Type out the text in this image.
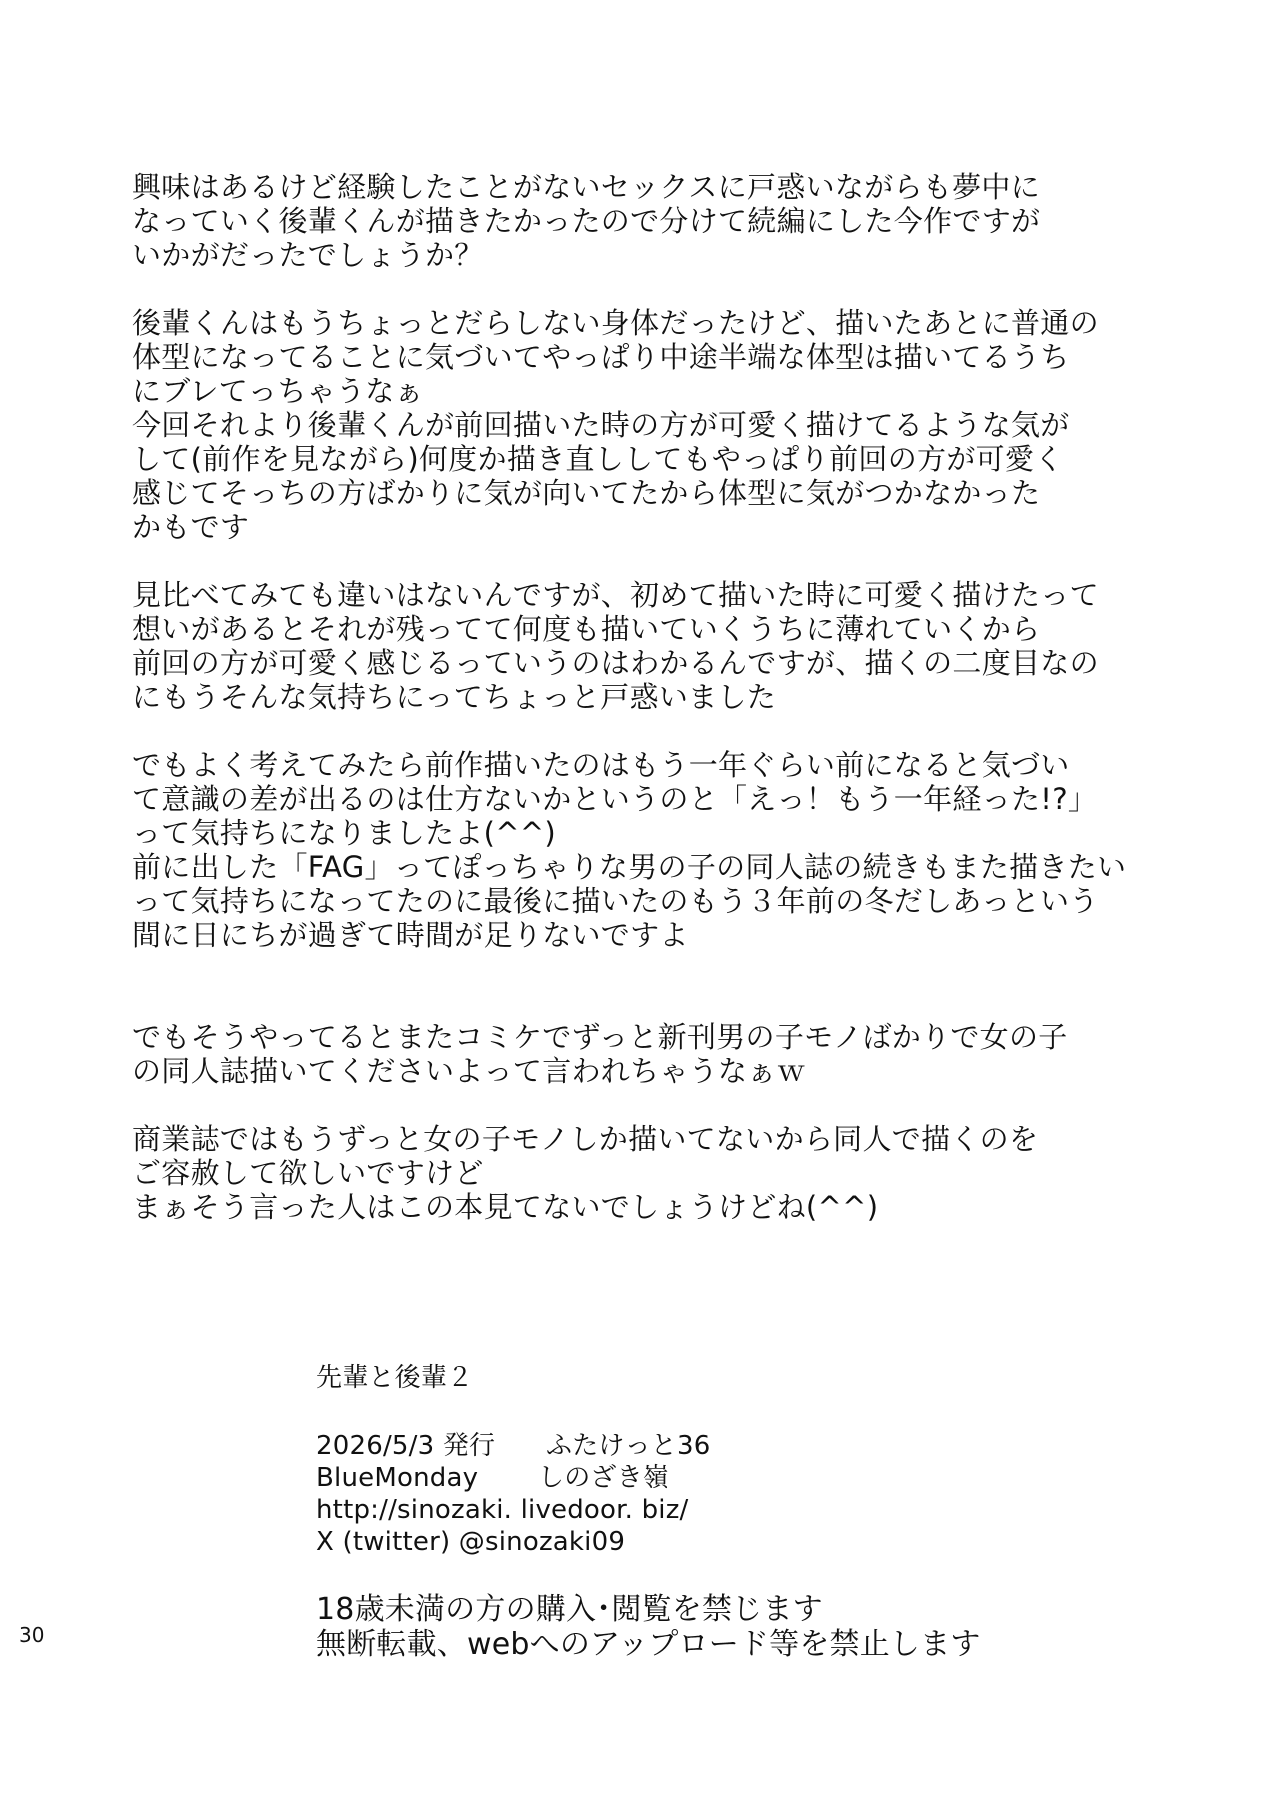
興味はあるけど経験したことがないセックスに戸惑いながらも夢中に
なっていく後輩くんが描きたかったので分けて続編にした今作ですが
いかがだったでしょうか？
後輩くんはもうちょっとだらしない身体だったけど、描いたあとに普通の
体型になってることに気づいてやっぱり中途半端な体型は描いてるうち
にブレてっちゃうなぁ
今回それより後輩くんが前回描いた時の方が可愛く描けてるような気が
して(前作を見ながら)何度か描き直ししてもやっぱり前回の方が可愛く
感じてそっちの方ばかりに気が向いてたから体型に気がつかなかった
かもです
見比べてみても違いはないんですが、初めて描いた時に可愛く描けたって
想いがあるとそれが残ってて何度も描いていくうちに薄れていくから
前回の方が可愛く感じるっていうのはわかるんですが、描くの二度目なの
にもうそんな気持ちにってちょっと戸惑いました
でもよく考えてみたら前作描いたのはもう一年ぐらい前になると気づい
て意識の差が出るのは仕方ないかというのと「えっ！もう一年経った!?」
って気持ちになりましたよ(^^)
前に出した「FAG」ってぽっちゃりな男の子の同人誌の続きもまた描きたい
って気持ちになってたのに最後に描いたのもう３年前の冬だしあっという
間に日にちが過ぎて時間が足りないですよ
でもそうやってるとまたコミケでずっと新刊男の子モノばかりで女の子
の同人誌描いてくださいよって言われちゃうなぁｗ
商業誌ではもうずっと女の子モノしか描いてないから同人で描くのを
ご容赦して欲しいですけど
まぁそう言った人はこの本見てないでしょうけどね(^^)
先輩と後輩２
2026/5/3 発行 ふたけっと36
BlueMonday しのざき嶺
http://sinozaki. livedoor. biz/
X (twitter) @sinozaki09
18歳未満の方の購入･閲覧を禁じます
無断転載、webへのアップロード等を禁止します
30
